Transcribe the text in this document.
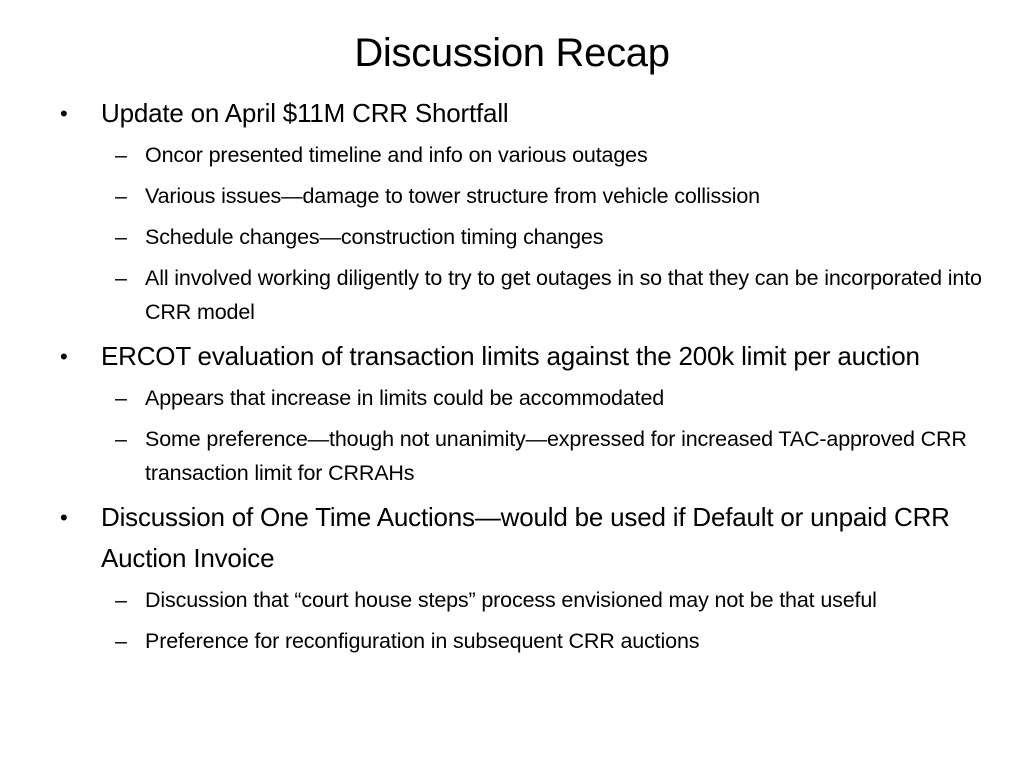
Discussion Recap
• Update on April $11M CRR Shortfall
– Oncor presented timeline and info on various outages
– Various issues—damage to tower structure from vehicle collission
– Schedule changes—construction timing changes
– All involved working diligently to try to get outages in so that they can be incorporated into CRR model
• ERCOT evaluation of transaction limits against the 200k limit per auction
– Appears that increase in limits could be accommodated
– Some preference—though not unanimity—expressed for increased TAC-approved CRR transaction limit for CRRAHs
• Discussion of One Time Auctions—would be used if Default or unpaid CRR Auction Invoice
– Discussion that “court house steps” process envisioned may not be that useful
– Preference for reconfiguration in subsequent CRR auctions
